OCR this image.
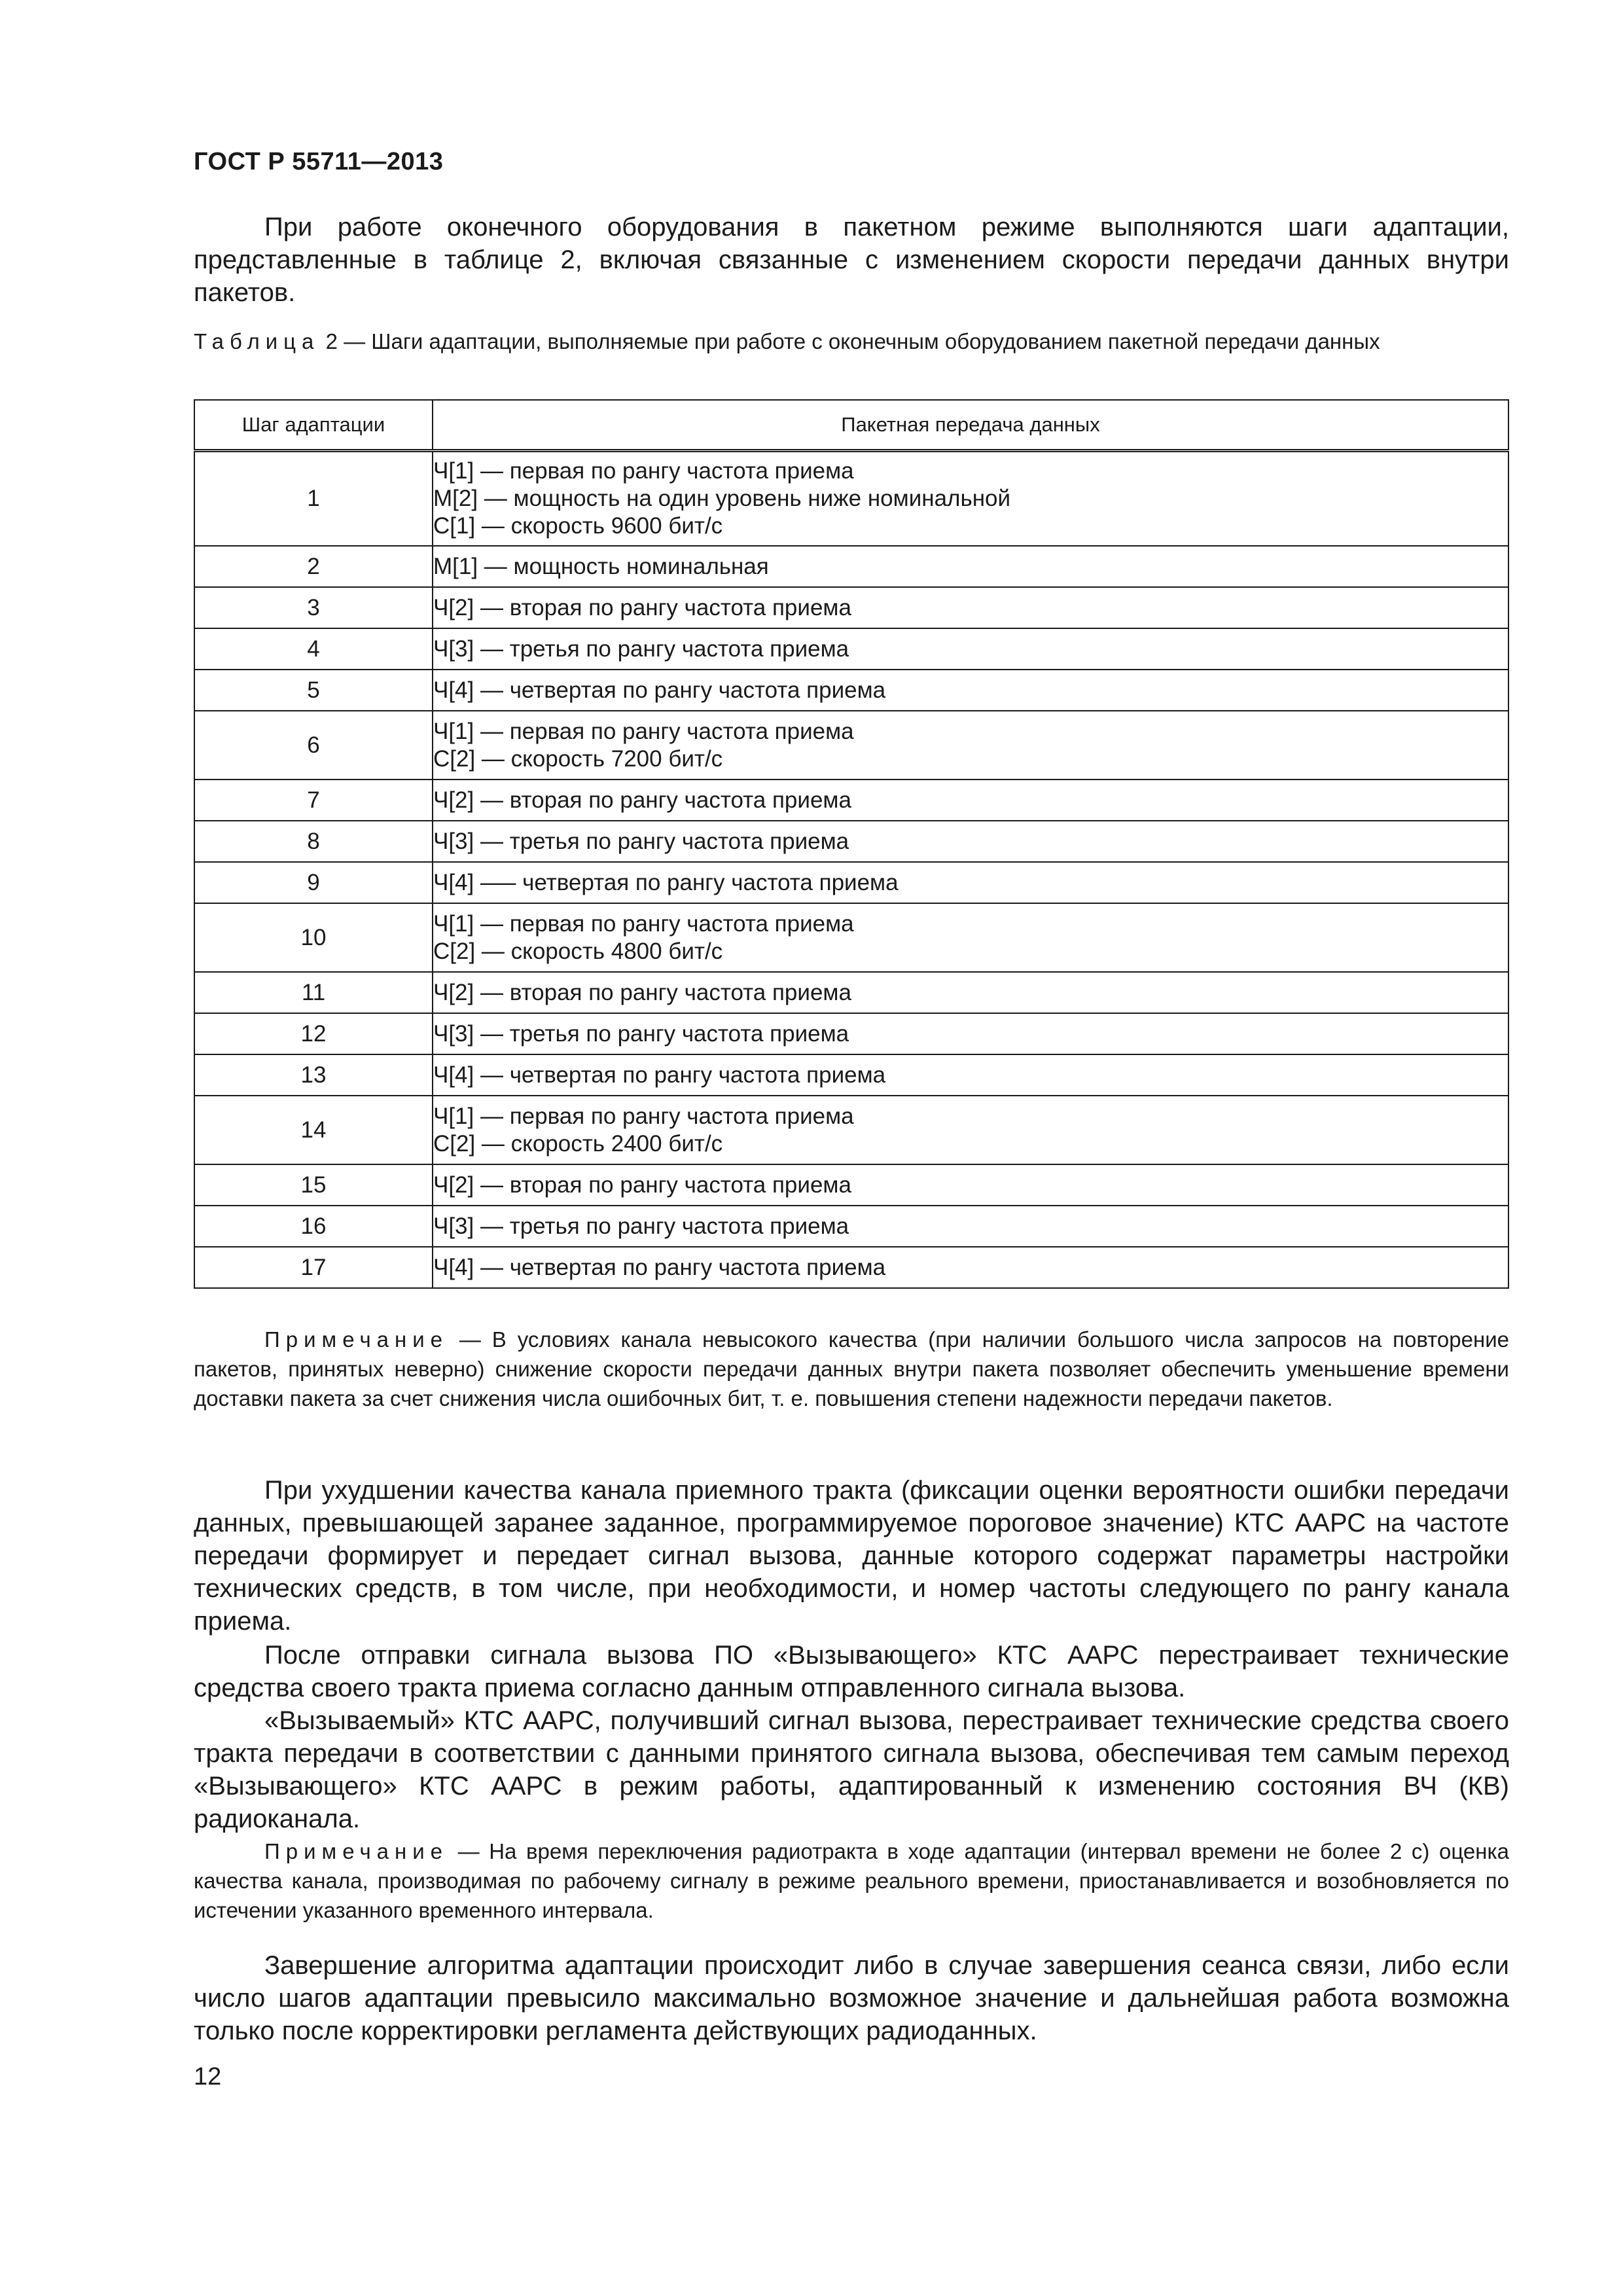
ГОСТ Р 55711—2013

При работе оконечного оборудования в пакетном режиме выполняются шаги адаптации, представленные в таблице 2, включая связанные с изменением скорости передачи данных внутри пакетов.

Таблица 2 — Шаги адаптации, выполняемые при работе с оконечным оборудованием пакетной передачи данных

Шаг адаптации	Пакетная передача данных
1	Ч[1] — первая по рангу частота приема
М[2] — мощность на один уровень ниже номинальной
С[1] — скорость 9600 бит/с

2	М[1] — мощность номинальная

3	Ч[2] — вторая по рангу частота приема

4	Ч[3] — третья по рангу частота приема

5	Ч[4] — четвертая по рангу частота приема

6	Ч[1] — первая по рангу частота приема
С[2] — скорость 7200 бит/с

7	Ч[2] — вторая по рангу частота приема

8	Ч[3] — третья по рангу частота приема

9	Ч[4] —– четвертая по рангу частота приема

10	Ч[1] — первая по рангу частота приема
С[2] — скорость 4800 бит/с

11	Ч[2] — вторая по рангу частота приема

12	Ч[3] — третья по рангу частота приема

13	Ч[4] — четвертая по рангу частота приема

14	Ч[1] — первая по рангу частота приема
С[2] — скорость 2400 бит/с

15	Ч[2] — вторая по рангу частота приема

16	Ч[3] — третья по рангу частота приема

17	Ч[4] — четвертая по рангу частота приема

Примечание — В условиях канала невысокого качества (при наличии большого числа запросов на повторение пакетов, принятых неверно) снижение скорости передачи данных внутри пакета позволяет обеспечить уменьшение времени доставки пакета за счет снижения числа ошибочных бит, т. е. повышения степени надежности передачи пакетов.

При ухудшении качества канала приемного тракта (фиксации оценки вероятности ошибки передачи данных, превышающей заранее заданное, программируемое пороговое значение) КТС ААРС на частоте передачи формирует и передает сигнал вызова, данные которого содержат параметры настройки технических средств, в том числе, при необходимости, и номер частоты следующего по рангу канала приема.

После отправки сигнала вызова ПО «Вызывающего» КТС ААРС перестраивает технические средства своего тракта приема согласно данным отправленного сигнала вызова.

«Вызываемый» КТС ААРС, получивший сигнал вызова, перестраивает технические средства своего тракта передачи в соответствии с данными принятого сигнала вызова, обеспечивая тем самым переход «Вызывающего» КТС ААРС в режим работы, адаптированный к изменению состояния ВЧ (КВ) радиоканала.

Примечание — На время переключения радиотракта в ходе адаптации (интервал времени не более 2 с) оценка качества канала, производимая по рабочему сигналу в режиме реального времени, приостанавливается и возобновляется по истечении указанного временного интервала.

Завершение алгоритма адаптации происходит либо в случае завершения сеанса связи, либо если число шагов адаптации превысило максимально возможное значение и дальнейшая работа возможна только после корректировки регламента действующих радиоданных.

12
